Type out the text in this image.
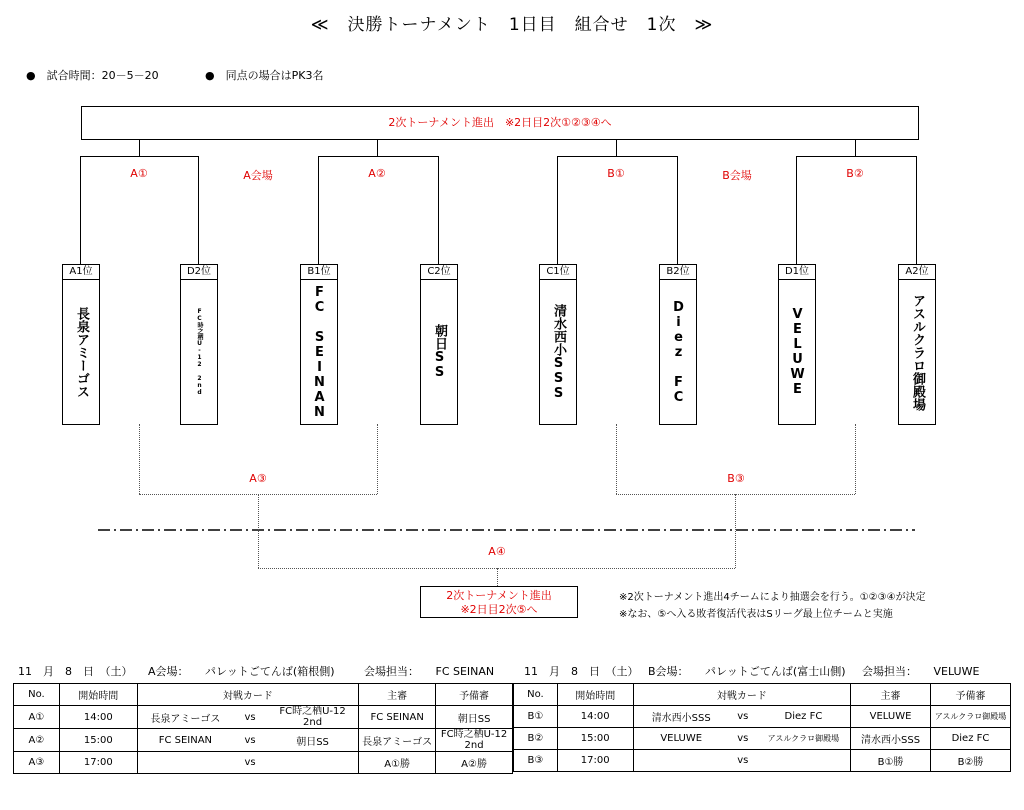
≪　決勝トーナメント　1日目　組合せ　1次　≫
●　試合時間：20－5－20	●　同点の場合はPK3名
2次トーナメント進出　※2日目2次①②③④へ
A①	A会場	A②	B①	B会場	B②
A1位	D2位	B1位	C2位	C1位	B2位	D1位	A2位
長泉アミーゴス	FC時之栖U-12 2nd	FC SEINAN	朝日SS	清水西小SSS	Diez FC	VELUWE	アスルクラロ御殿場
A③	B③
A④
2次トーナメント進出
※2日目2次⑤へ
※2次トーナメント進出4チームにより抽選会を行う。①②③④が決定
※なお、⑤へ入る敗者復活代表はSリーグ最上位チームと実施
11　月　8　日　（土） A会場：　　パレットごてんば(箱根側)	会場担当：　　FC SEINAN	11　月　8　日　（土） B会場：　　パレットごてんば(富士山側) 会場担当：　　VELUWE
No.	開始時間	対戦カード			主審	予備審
A①	14:00	長泉アミーゴス	vs	FC時之栖U-12 2nd	FC SEINAN	朝日SS
A②	15:00	FC SEINAN	vs	朝日SS	長泉アミーゴス	FC時之栖U-12 2nd
A③	17:00		vs		A①勝	A②勝
No.	開始時間	対戦カード			主審	予備審
B①	14:00	清水西小SSS	vs	Diez FC	VELUWE	アスルクラロ御殿場
B②	15:00	VELUWE	vs	アスルクラロ御殿場	清水西小SSS	Diez FC
B③	17:00		vs		B①勝	B②勝
